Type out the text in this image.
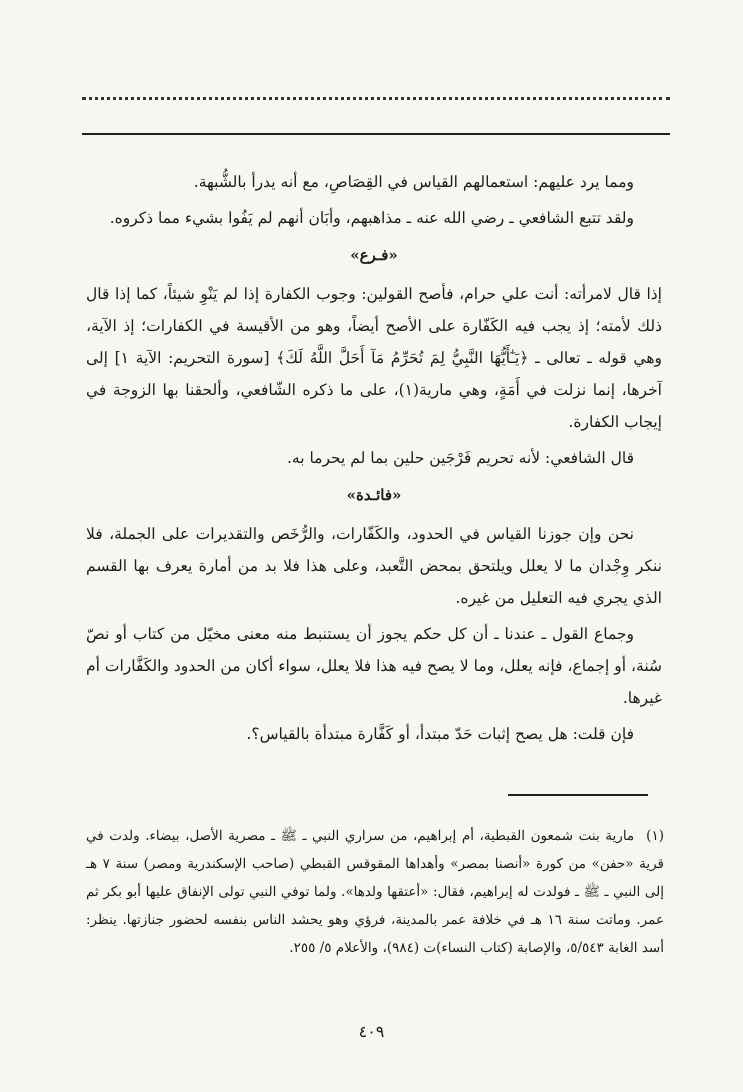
ومما يرد عليهم: استعمالهم القياس في القِصَاصِ، مع أنه يدرأ بالشُّبهة.

ولقد تتبع الشافعي ـ رضي الله عنه ـ مذاهبهم، وأبَان أنهم لم يَفُوا بشيء مما ذكروه.

«فـرع»

إذا قال لامرأته: أنت علي حرام، فأصح القولين: وجوب الكفارة إذا لم يَنْوِ شيئاً، كما إذا قال ذلك لأمته؛ إذ يجب فيه الكَفّارة على الأصح أيضاً، وهو من الأقيسة في الكفارات؛ إذ الآية، وهي قوله ـ تعالى ـ ﴿يَـٰٓأَيُّهَا النَّبِيُّ لِمَ تُحَرِّمُ مَآ أَحَلَّ اللَّهُ لَكَ﴾ [سورة التحريم: الآية ١] إلى آخرها، إنما نزلت في أَمَةٍ، وهي مارية(١)، على ما ذكره الشّافعي، وألحقنا بها الزوجة في إيجاب الكفارة.

قال الشافعي: لأنه تحريم فَرْجَين حلين بما لم يحرما به.

«فائـدة»

نحن وإن جوزنا القياس في الحدود، والكَفّارات، والرُّخَص والتقديرات على الجملة، فلا ننكر وِجْدان ما لا يعلل ويلتحق بمحض التَّعبد، وعلى هذا فلا بد من أمارة يعرف بها القسم الذي يجري فيه التعليل من غيره.

وجماع القول ـ عندنا ـ أن كل حكم يجوز أن يستنبط منه معنى مخيّل من كتاب أو نصّ سُنة، أو إجماع، فإنه يعلل، وما لا يصح فيه هذا فلا يعلل، سواء أكان من الحدود والكَفَّارات أم غيرها.

فإن قلت: هل يصح إثبات حَدّ مبتدأ، أو كَفَّارة مبتدأة بالقياس؟.

(١)مارية بنت شمعون القبطية، أم إبراهيم، من سراري النبي ـ ﷺ ـ مصرية الأصل، بيضاء. ولدت في قرية «حفن» من كورة «أنصنا بمصر» وأهداها المقوقس القبطي (صاحب الإسكندرية ومصر) سنة ٧ هـ إلى النبي ـ ﷺ ـ فولدت له إبراهيم، فقال: «أعتقها ولدها». ولما توفي النبي تولى الإنفاق عليها أبو بكر ثم عمر. وماتت سنة ١٦ هـ في خلافة عمر بالمدينة، فرؤي وهو يحشد الناس بنفسه لحضور جنازتها. ينظر: أسد الغابة ٥/٥٤٣، والإصابة (كتاب النساء)ت (٩٨٤)، والأعلام ٥/ ٢٥٥.
٤٠٩
